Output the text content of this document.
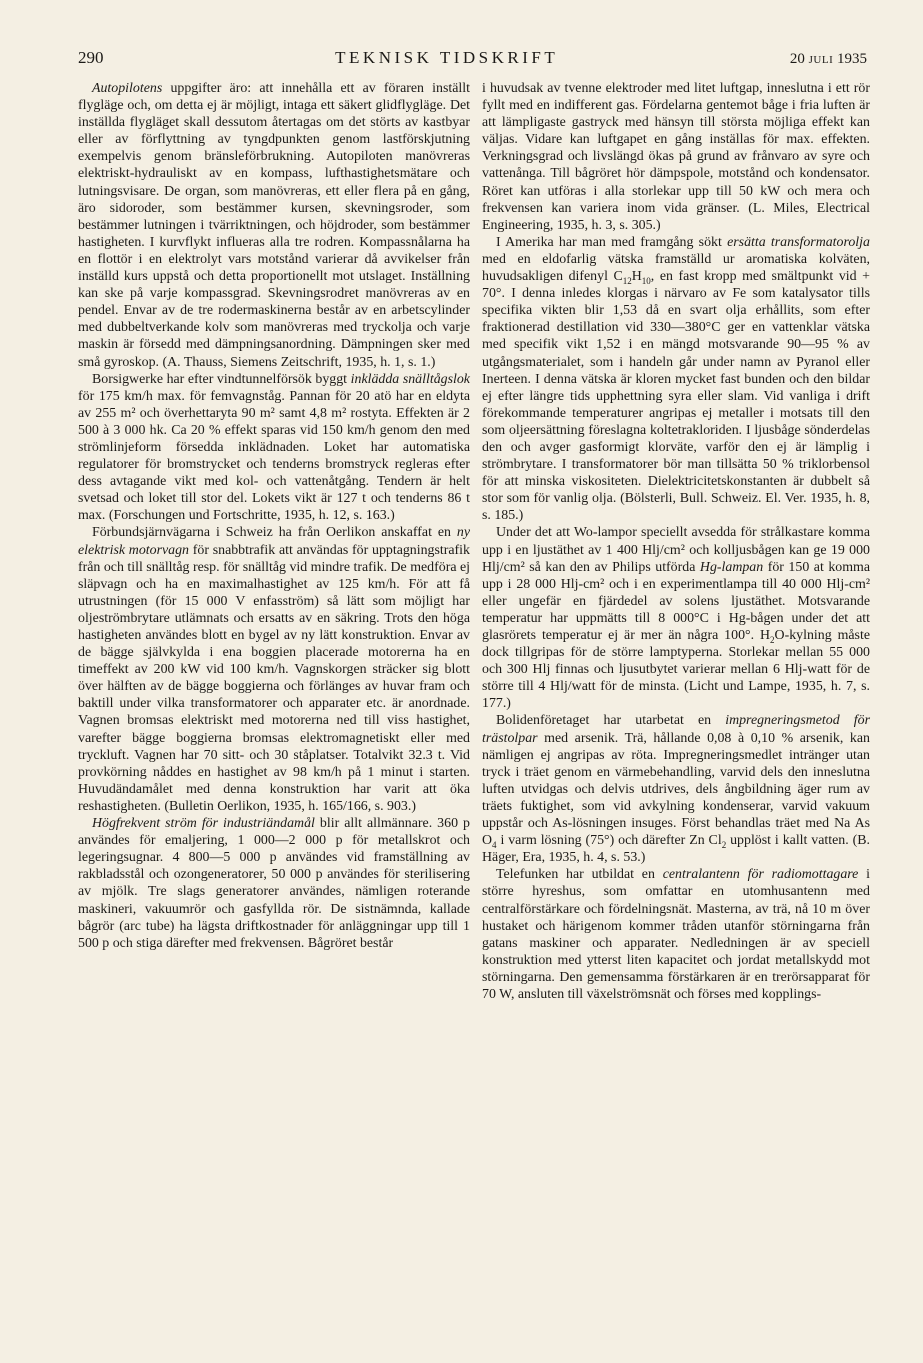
290	TEKNISK TIDSKRIFT	20 JULI 1935

Autopilotens uppgifter äro: att innehålla ett av föraren inställt flygläge och, om detta ej är möjligt, intaga ett säkert glidflygläge. Det inställda flygläget skall dessutom återtagas om det störts av kastbyar eller av förflyttning av tyngdpunkten genom lastförskjutning exempelvis genom bränsleförbrukning. Autopiloten manövreras elektriskt-hydrauliskt av en kompass, lufthastighetsmätare och lutningsvisare. De organ, som manövreras, ett eller flera på en gång, äro sidoroder, som bestämmer kursen, skevningsroder, som bestämmer lutningen i tvärriktningen, och höjdroder, som bestämmer hastigheten. I kurvflykt influeras alla tre rodren. Kompassnålarna ha en flottör i en elektrolyt vars motstånd varierar då avvikelser från inställd kurs uppstå och detta proportionellt mot utslaget. Inställning kan ske på varje kompassgrad. Skevningsrodret manövreras av en pendel. Envar av de tre rodermaskinerna består av en arbetscylinder med dubbeltverkande kolv som manövreras med tryckolja och varje maskin är försedd med dämpningsanordning. Dämpningen sker med små gyroskop. (A. Thauss, Siemens Zeitschrift, 1935, h. 1, s. 1.)

Borsigwerke har efter vindtunnelförsök byggt inklädda snälltågslok för 175 km/h max. för femvagnståg. Pannan för 20 atö har en eldyta av 255 m² och överhettaryta 90 m² samt 4,8 m² rostyta. Effekten är 2 500 à 3 000 hk. Ca 20 % effekt sparas vid 150 km/h genom den med strömlinjeform försedda inklädnaden. Loket har automatiska regulatorer för bromstrycket och tenderns bromstryck regleras efter dess avtagande vikt med kol- och vattenåtgång. Tendern är helt svetsad och loket till stor del. Lokets vikt är 127 t och tenderns 86 t max. (Forschungen und Fortschritte, 1935, h. 12, s. 163.)

Förbundsjärnvägarna i Schweiz ha från Oerlikon anskaffat en ny elektrisk motorvagn för snabbtrafik att användas för upptagningstrafik från och till snälltåg resp. för snälltåg vid mindre trafik. De medföra ej släpvagn och ha en maximalhastighet av 125 km/h. För att få utrustningen (för 15 000 V enfasström) så lätt som möjligt har oljeströmbrytare utlämnats och ersatts av en säkring. Trots den höga hastigheten användes blott en bygel av ny lätt konstruktion. Envar av de bägge självkylda i ena boggien placerade motorerna ha en timeffekt av 200 kW vid 100 km/h. Vagnskorgen sträcker sig blott över hälften av de bägge boggierna och förlänges av huvar fram och baktill under vilka transformatorer och apparater etc. är anordnade. Vagnen bromsas elektriskt med motorerna ned till viss hastighet, varefter bägge boggierna bromsas elektromagnetiskt eller med tryckluft. Vagnen har 70 sitt- och 30 ståplatser. Totalvikt 32.3 t. Vid provkörning nåddes en hastighet av 98 km/h på 1 minut i starten. Huvudändamålet med denna konstruktion har varit att öka reshastigheten. (Bulletin Oerlikon, 1935, h. 165/166, s. 903.)

Högfrekvent ström för industriändamål blir allt allmännare. 360 p användes för emaljering, 1 000—2 000 p för metallskrot och legeringsugnar. 4 800—5 000 p användes vid framställning av rakbladsstål och ozongeneratorer, 50 000 p användes för sterilisering av mjölk. Tre slags generatorer användes, nämligen roterande maskineri, vakuumrör och gasfyllda rör. De sistnämnda, kallade bågrör (arc tube) ha lägsta driftkostnader för anläggningar upp till 1 500 p och stiga därefter med frekvensen. Bågröret består

i huvudsak av tvenne elektroder med litet luftgap, inneslutna i ett rör fyllt med en indifferent gas. Fördelarna gentemot båge i fria luften är att lämpligaste gastryck med hänsyn till största möjliga effekt kan väljas. Vidare kan luftgapet en gång inställas för max. effekten. Verkningsgrad och livslängd ökas på grund av frånvaro av syre och vattenånga. Till bågröret hör dämpspole, motstånd och kondensator. Röret kan utföras i alla storlekar upp till 50 kW och mera och frekvensen kan variera inom vida gränser. (L. Miles, Electrical Engineering, 1935, h. 3, s. 305.)

I Amerika har man med framgång sökt ersätta transformatorolja med en eldofarlig vätska framställd ur aromatiska kolväten, huvudsakligen difenyl $C_{12}H_{10}$, en fast kropp med smältpunkt vid + 70°. I denna inledes klorgas i närvaro av Fe som katalysator tills specifika vikten blir 1,53 då en svart olja erhållits, som efter fraktionerad destillation vid 330—380°C ger en vattenklar vätska med specifik vikt 1,52 i en mängd motsvarande 90—95 % av utgångsmaterialet, som i handeln går under namn av Pyranol eller Inerteen. I denna vätska är kloren mycket fast bunden och den bildar ej efter längre tids upphettning syra eller slam. Vid vanliga i drift förekommande temperaturer angripas ej metaller i motsats till den som oljeersättning föreslagna koltetrakloriden. I ljusbåge sönderdelas den och avger gasformigt klorväte, varför den ej är lämplig i strömbrytare. I transformatorer bör man tillsätta 50 % triklorbensol för att minska viskositeten. Dielektricitetskonstanten är dubbelt så stor som för vanlig olja. (Bölsterli, Bull. Schweiz. El. Ver. 1935, h. 8, s. 185.)

Under det att Wo-lampor speciellt avsedda för strålkastare komma upp i en ljustäthet av 1 400 Hlj/cm² och kolljusbågen kan ge 19 000 Hlj/cm² så kan den av Philips utförda Hg-lampan för 150 at komma upp i 28 000 Hlj-cm² och i en experimentlampa till 40 000 Hlj-cm² eller ungefär en fjärdedel av solens ljustäthet. Motsvarande temperatur har uppmätts till 8 000°C i Hg-bågen under det att glasrörets temperatur ej är mer än några 100°. $H_2O$-kylning måste dock tillgripas för de större lamptyperna. Storlekar mellan 55 000 och 300 Hlj finnas och ljusutbytet varierar mellan 6 Hlj-watt för de större till 4 Hlj/watt för de minsta. (Licht und Lampe, 1935, h. 7, s. 177.)

Bolidenföretaget har utarbetat en impregneringsmetod för trästolpar med arsenik. Trä, hållande 0,08 à 0,10 % arsenik, kan nämligen ej angripas av röta. Impregneringsmedlet intränger utan tryck i träet genom en värmebehandling, varvid dels den inneslutna luften utvidgas och delvis utdrives, dels ångbildning äger rum av träets fuktighet, som vid avkylning kondenserar, varvid vakuum uppstår och As-lösningen insuges. Först behandlas träet med Na As $O_4$ i varm lösning (75°) och därefter Zn $Cl_2$ upplöst i kallt vatten. (B. Häger, Era, 1935, h. 4, s. 53.)

Telefunken har utbildat en centralantenn för radiomottagare i större hyreshus, som omfattar en utomhusantenn med centralförstärkare och fördelningsnät. Masterna, av trä, nå 10 m över hustaket och härigenom kommer tråden utanför störningarna från gatans maskiner och apparater. Nedledningen är av speciell konstruktion med ytterst liten kapacitet och jordat metallskydd mot störningarna. Den gemensamma förstärkaren är en trerörsapparat för 70 W, ansluten till växelströmsnät och förses med kopplings-
